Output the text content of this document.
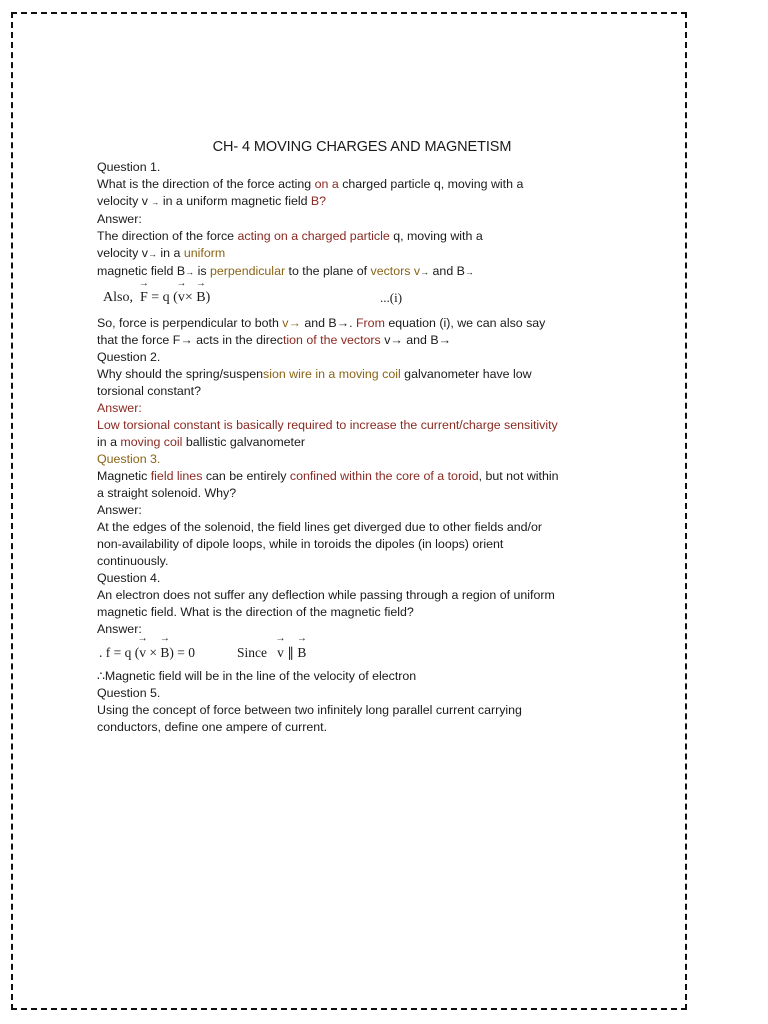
CH- 4 MOVING CHARGES AND MAGNETISM
Question 1.
What is the direction of the force acting on a charged particle q, moving with a
velocity v → in a uniform magnetic field B?
Answer:
The direction of the force acting on a charged particle q, moving with a
velocity v→ in a uniform
magnetic field B→ is perpendicular to the plane of vectors v→ and B→
Also, → F = q (→ v× → B)	...(i)
So, force is perpendicular to both v→ and B→. From equation (i), we can also say
that the force F→ acts in the direction of the vectors v→ and B→
Question 2.
Why should the spring/suspension wire in a moving coil galvanometer have low
torsional constant?
Answer:
Low torsional constant is basically required to increase the current/charge sensitivity
in a moving coil ballistic galvanometer
Question 3.
Magnetic field lines can be entirely confined within the core of a toroid, but not within
a straight solenoid. Why?
Answer:
At the edges of the solenoid, the field lines get diverged due to other fields and/or
non-availability of dipole loops, while in toroids the dipoles (in loops) orient
continuously.
Question 4.
An electron does not suffer any deflection while passing through a region of uniform
magnetic field. What is the direction of the magnetic field?
Answer:
. f = q (→ v × → B) = 0	Since → v ∥ → B
∴Magnetic field will be in the line of the velocity of electron
Question 5.
Using the concept of force between two infinitely long parallel current carrying
conductors, define one ampere of current.
